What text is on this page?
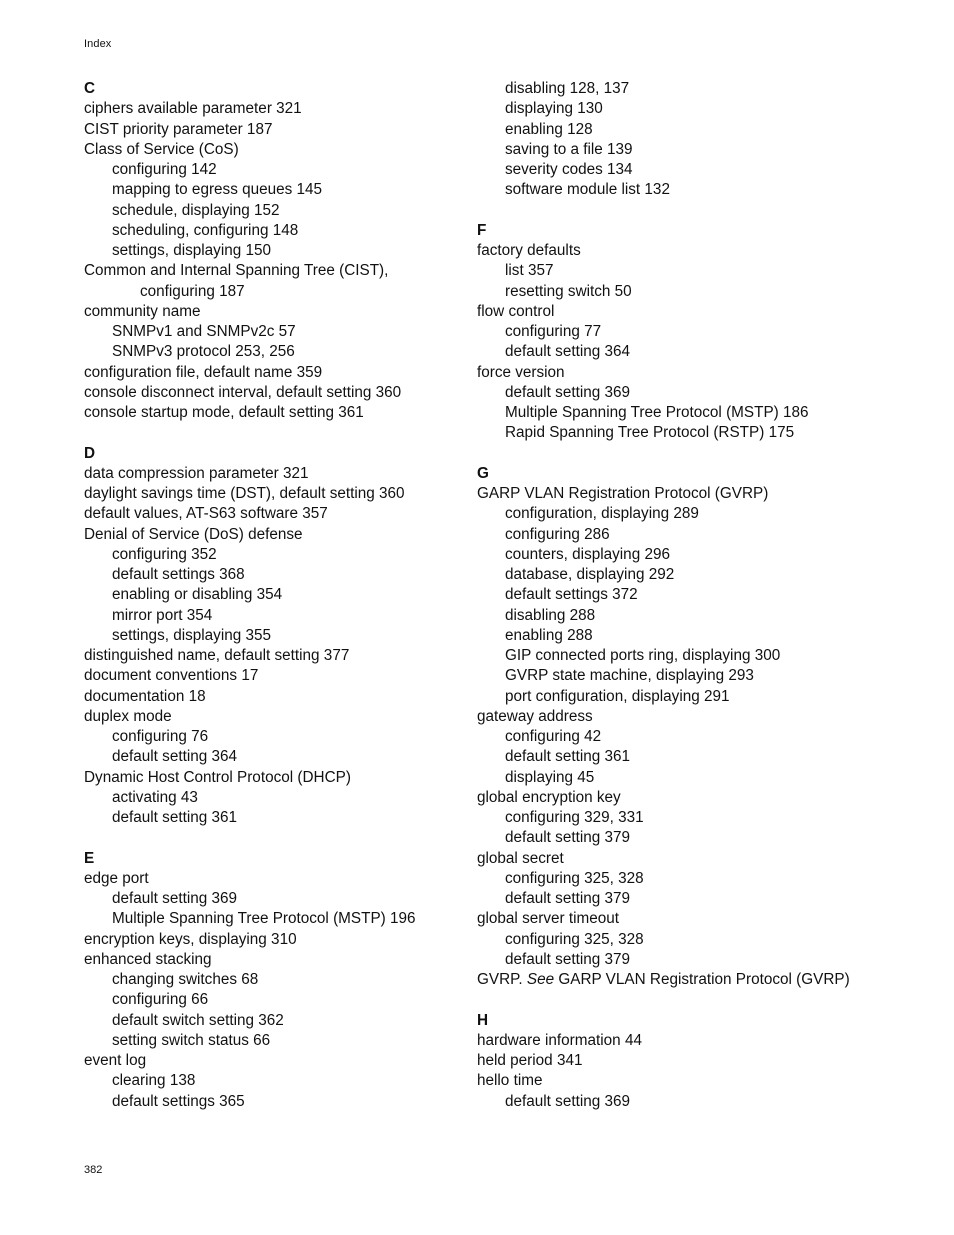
Index
C
ciphers available parameter 321
CIST priority parameter 187
Class of Service (CoS)
configuring 142
mapping to egress queues 145
schedule, displaying 152
scheduling, configuring 148
settings, displaying 150
Common and Internal Spanning Tree (CIST),
configuring 187
community name
SNMPv1 and SNMPv2c 57
SNMPv3 protocol 253, 256
configuration file, default name 359
console disconnect interval, default setting 360
console startup mode, default setting 361
D
data compression parameter 321
daylight savings time (DST), default setting 360
default values, AT-S63 software 357
Denial of Service (DoS) defense
configuring 352
default settings 368
enabling or disabling 354
mirror port 354
settings, displaying 355
distinguished name, default setting 377
document conventions 17
documentation 18
duplex mode
configuring 76
default setting 364
Dynamic Host Control Protocol (DHCP)
activating 43
default setting 361
E
edge port
default setting 369
Multiple Spanning Tree Protocol (MSTP) 196
encryption keys, displaying 310
enhanced stacking
changing switches 68
configuring 66
default switch setting 362
setting switch status 66
event log
clearing 138
default settings 365
disabling 128, 137
displaying 130
enabling 128
saving to a file 139
severity codes 134
software module list 132
F
factory defaults
list 357
resetting switch 50
flow control
configuring 77
default setting 364
force version
default setting 369
Multiple Spanning Tree Protocol (MSTP) 186
Rapid Spanning Tree Protocol (RSTP) 175
G
GARP VLAN Registration Protocol (GVRP)
configuration, displaying 289
configuring 286
counters, displaying 296
database, displaying 292
default settings 372
disabling 288
enabling 288
GIP connected ports ring, displaying 300
GVRP state machine, displaying 293
port configuration, displaying 291
gateway address
configuring 42
default setting 361
displaying 45
global encryption key
configuring 329, 331
default setting 379
global secret
configuring 325, 328
default setting 379
global server timeout
configuring 325, 328
default setting 379
GVRP. See GARP VLAN Registration Protocol (GVRP)
H
hardware information 44
held period 341
hello time
default setting 369
382
